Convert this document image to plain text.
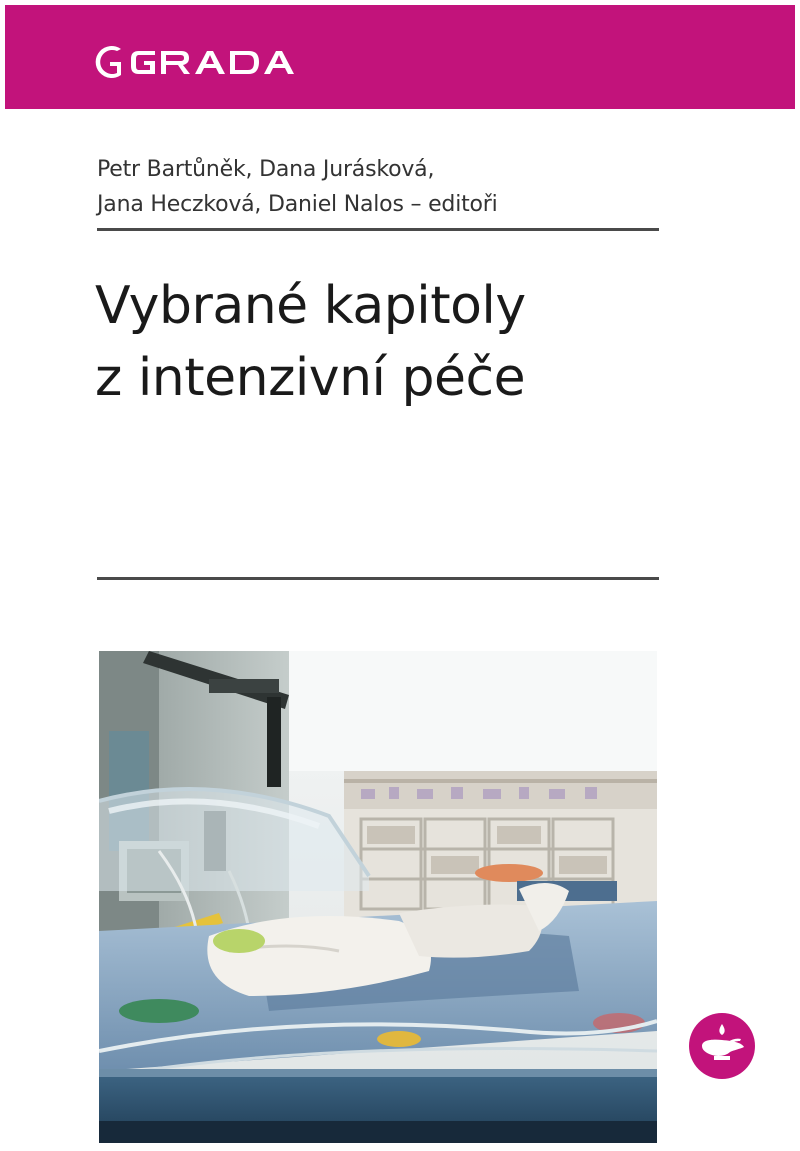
Petr Bartůněk, Dana Jurásková,
Jana Heczková, Daniel Nalos – editoři
Vybrané kapitoly
z intenzivní péče
